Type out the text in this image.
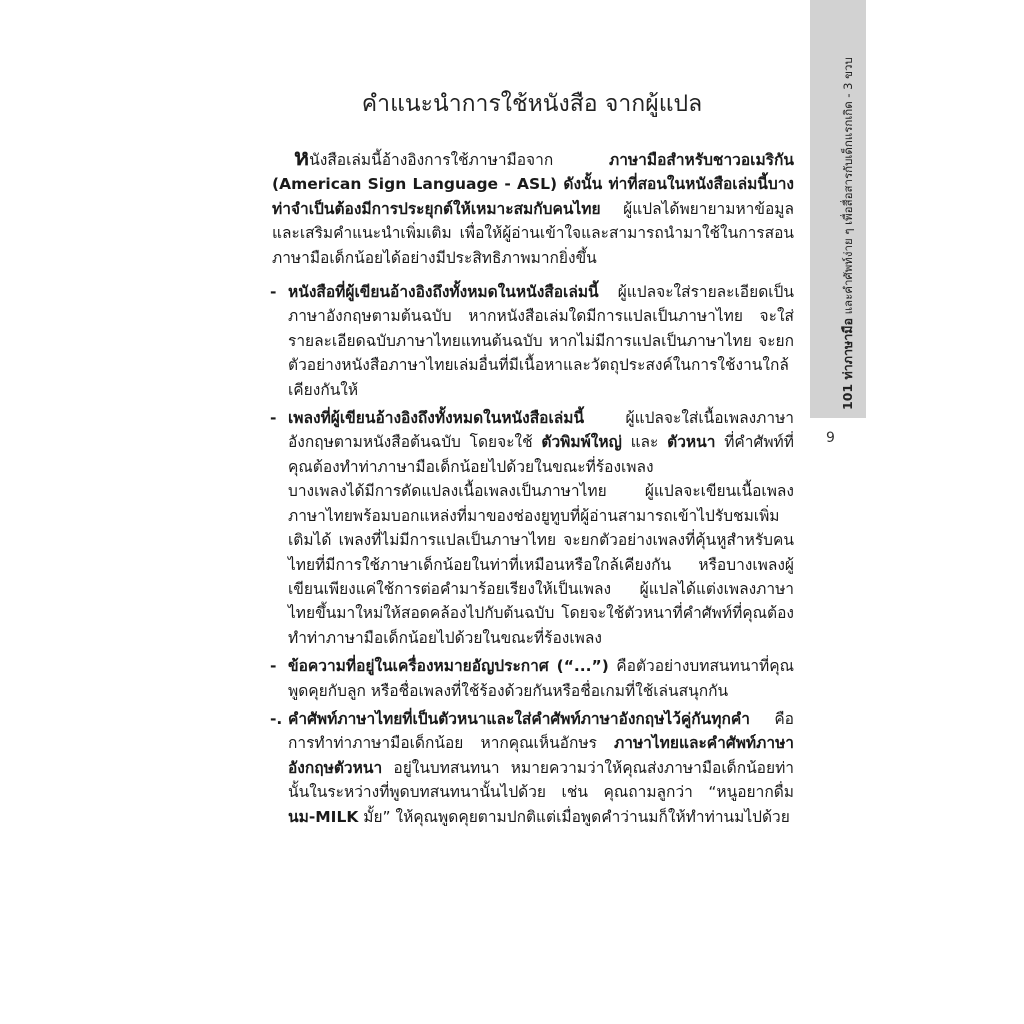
101 ท่าภาษามือ และคำศัพท์ง่าย ๆ เพื่อสื่อสารกับเด็กแรกเกิด - 3 ขวบ
9
คำแนะนำการใช้หนังสือ จากผู้แปล

หนังสือเล่มนี้อ้างอิงการใช้ภาษามือจาก ภาษามือสำหรับชาวอเมริกัน (American Sign Language - ASL) ดังนั้น ท่าที่สอนในหนังสือเล่มนี้บางท่าจำเป็นต้องมีการประยุกต์ให้เหมาะสมกับคนไทย ผู้แปลได้พยายามหาข้อมูลและเสริมคำแนะนำเพิ่มเติม เพื่อให้ผู้อ่านเข้าใจและสามารถนำมาใช้ในการสอนภาษามือเด็กน้อยได้อย่างมีประสิทธิภาพมากยิ่งขึ้น

- หนังสือที่ผู้เขียนอ้างอิงถึงทั้งหมดในหนังสือเล่มนี้ ผู้แปลจะใส่รายละเอียดเป็นภาษาอังกฤษตามต้นฉบับ หากหนังสือเล่มใดมีการแปลเป็นภาษาไทย จะใส่รายละเอียดฉบับภาษาไทยแทนต้นฉบับ หากไม่มีการแปลเป็นภาษาไทย จะยกตัวอย่างหนังสือภาษาไทยเล่มอื่นที่มีเนื้อหาและวัตถุประสงค์ในการใช้งานใกล้เคียงกันให้

- เพลงที่ผู้เขียนอ้างอิงถึงทั้งหมดในหนังสือเล่มนี้ ผู้แปลจะใส่เนื้อเพลงภาษาอังกฤษตามหนังสือต้นฉบับ โดยจะใช้ ตัวพิมพ์ใหญ่ และ ตัวหนา ที่คำศัพท์ที่คุณต้องทำท่าภาษามือเด็กน้อยไปด้วยในขณะที่ร้องเพลง

บางเพลงได้มีการดัดแปลงเนื้อเพลงเป็นภาษาไทย ผู้แปลจะเขียนเนื้อเพลงภาษาไทยพร้อมบอกแหล่งที่มาของช่องยูทูบที่ผู้อ่านสามารถเข้าไปรับชมเพิ่มเติมได้ เพลงที่ไม่มีการแปลเป็นภาษาไทย จะยกตัวอย่างเพลงที่คุ้นหูสำหรับคนไทยที่มีการใช้ภาษาเด็กน้อยในท่าที่เหมือนหรือใกล้เคียงกัน หรือบางเพลงผู้เขียนเพียงแค่ใช้การต่อคำมาร้อยเรียงให้เป็นเพลง ผู้แปลได้แต่งเพลงภาษาไทยขึ้นมาใหม่ให้สอดคล้องไปกับต้นฉบับ โดยจะใช้ตัวหนาที่คำศัพท์ที่คุณต้องทำท่าภาษามือเด็กน้อยไปด้วยในขณะที่ร้องเพลง

- ข้อความที่อยู่ในเครื่องหมายอัญประกาศ (“...”) คือตัวอย่างบทสนทนาที่คุณพูดคุยกับลูก หรือชื่อเพลงที่ใช้ร้องด้วยกันหรือชื่อเกมที่ใช้เล่นสนุกกัน

-. คำศัพท์ภาษาไทยที่เป็นตัวหนาและใส่คำศัพท์ภาษาอังกฤษไว้คู่กันทุกคำ คือการทำท่าภาษามือเด็กน้อย หากคุณเห็นอักษร ภาษาไทยและคำศัพท์ภาษาอังกฤษตัวหนา อยู่ในบทสนทนา หมายความว่าให้คุณส่งภาษามือเด็กน้อยท่านั้นในระหว่างที่พูดบทสนทนานั้นไปด้วย เช่น คุณถามลูกว่า “หนูอยากดื่ม นม-MILK มั้ย” ให้คุณพูดคุยตามปกติแต่เมื่อพูดคำว่านมก็ให้ทำท่านมไปด้วย
